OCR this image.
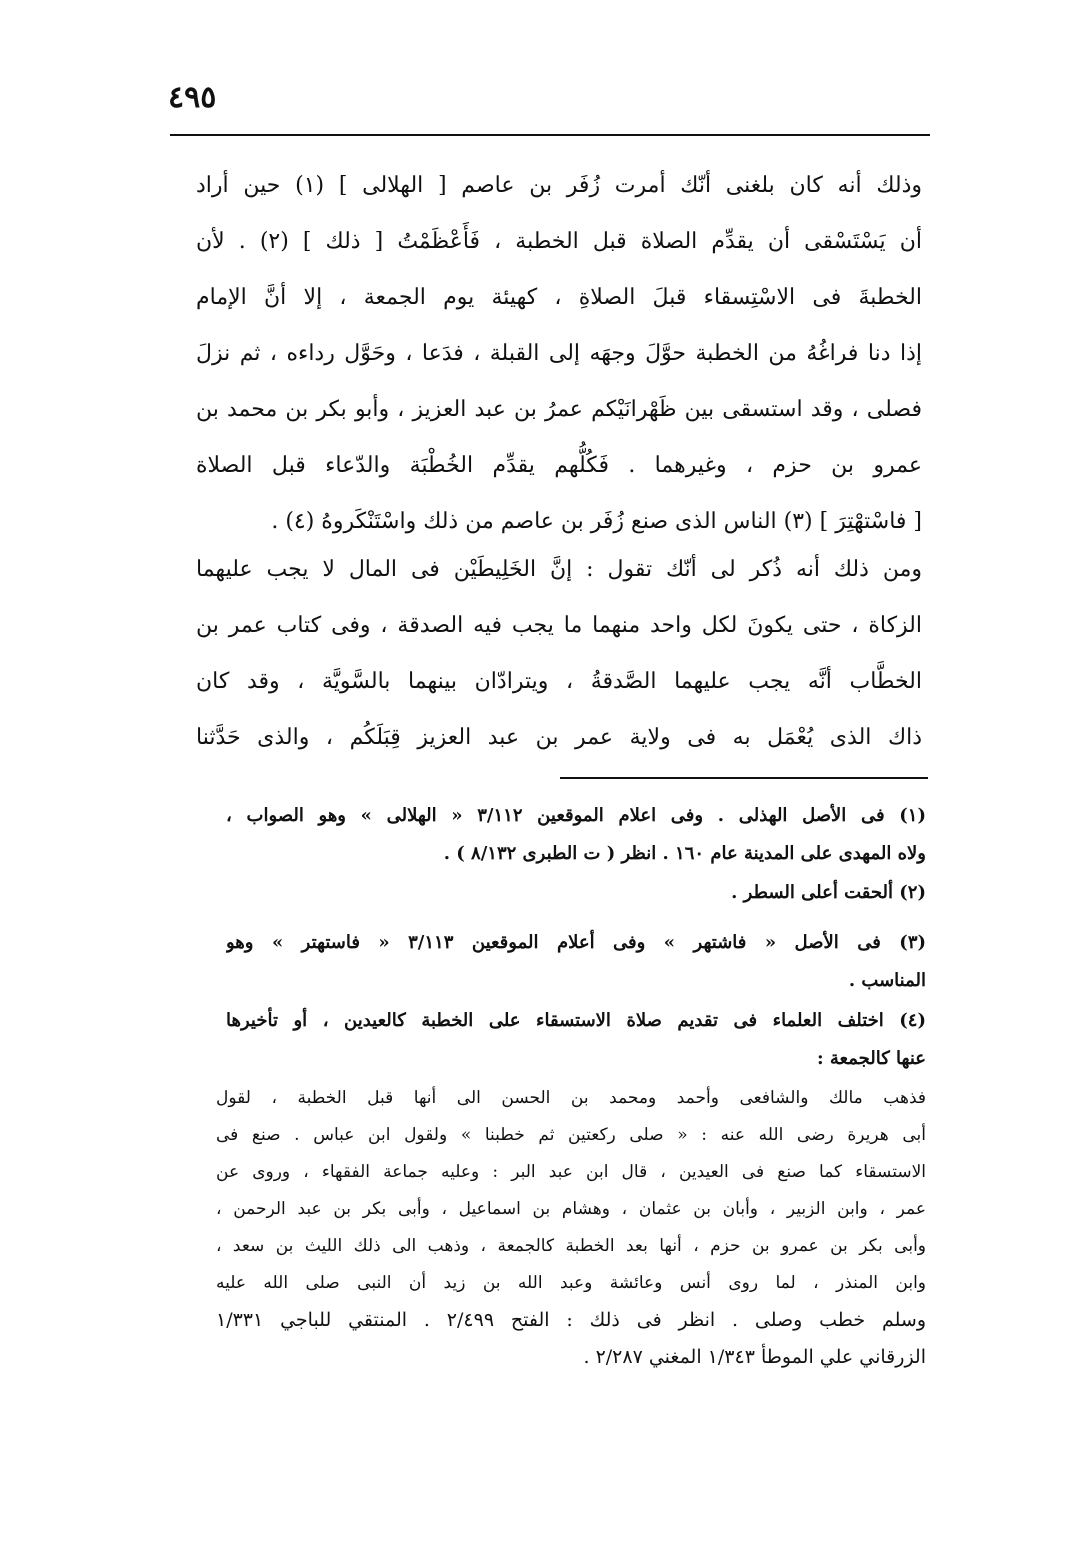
٤٩٥
وذلك أنه كان بلغنى أنّك أمرت زُفَر بن عاصم [ الهلالى ] (١) حين أراد
أن يَسْتَسْقى أن يقدِّم الصلاة قبل الخطبة ، فَأَعْظَمْتُ [ ذلك ] (٢) . لأن
الخطبةَ فى الاسْتِسقاء قبلَ الصلاةِ ، كهيئة يوم الجمعة ، إلا أنَّ الإمام
إذا دنا فراغُهُ من الخطبة حوَّلَ وجهَه إلى القبلة ، فدَعا ، وحَوَّل رداءه ، ثم نزلَ
فصلى ، وقد استسقى بين ظَهْرانَيْكم عمرُ بن عبد العزيز ، وأبو بكر بن محمد بن
عمرو بن حزم ، وغيرهما . فَكُلُّهم يقدِّم الخُطْبَة والدّعاء قبل الصلاة
[ فاسْتهْتِرَ ] (٣) الناس الذى صنع زُفَر بن عاصم من ذلك واسْتَنْكَروهُ (٤) .
ومن ذلك أنه ذُكر لى أنّك تقول : إنَّ الخَلِيطَيْن فى المال لا يجب عليهما
الزكاة ، حتى يكونَ لكل واحد منهما ما يجب فيه الصدقة ، وفى كتاب عمر بن
الخطَّاب أنَّه يجب عليهما الصَّدقةُ ، ويترادّان بينهما بالسَّويَّة ، وقد كان
ذاك الذى يُعْمَل به فى ولاية عمر بن عبد العزيز قِبَلَكُم ، والذى حَدَّثنا
(١) فى الأصل الهذلى . وفى اعلام الموقعين ٣/١١٢ « الهلالى » وهو الصواب ،
ولاه المهدى على المدينة عام ١٦٠ . انظر ( ت الطبرى ٨/١٣٢ ) .
(٢) ألحقت أعلى السطر .
(٣) فى الأصل « فاشتهر » وفى أعلام الموقعين ٣/١١٣ « فاستهتر » وهو
المناسب .
(٤) اختلف العلماء فى تقديم صلاة الاستسقاء على الخطبة كالعيدين ، أو تأخيرها
عنها كالجمعة :
فذهب مالك والشافعى وأحمد ومحمد بن الحسن الى أنها قبل الخطبة ، لقول
أبى هريرة رضى الله عنه : « صلى ركعتين ثم خطبنا » ولقول ابن عباس . صنع فى
الاستسقاء كما صنع فى العيدين ، قال ابن عبد البر : وعليه جماعة الفقهاء ، وروى عن
عمر ، وابن الزبير ، وأبان بن عثمان ، وهشام بن اسماعيل ، وأبى بكر بن عبد الرحمن ،
وأبى بكر بن عمرو بن حزم ، أنها بعد الخطبة كالجمعة ، وذهب الى ذلك الليث بن سعد ،
وابن المنذر ، لما روى أنس وعائشة وعبد الله بن زيد أن النبى صلى الله عليه
وسلم خطب وصلى . انظر فى ذلك : الفتح ٢/٤٩٩ . المنتقي للباجي ١/٣٣١
الزرقاني علي الموطأ ١/٣٤٣ المغني ٢/٢٨٧ .
